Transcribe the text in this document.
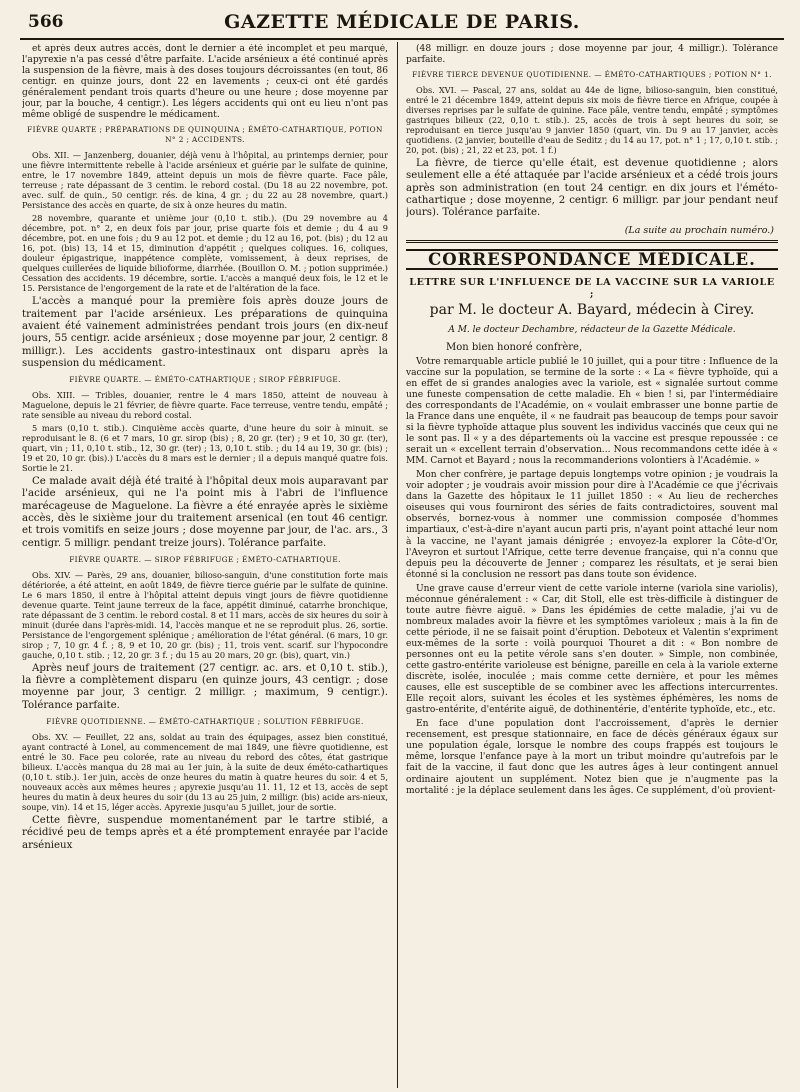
566	GAZETTE MÉDICALE DE PARIS.

et après deux autres accès, dont le dernier a été incomplet et peu marqué, l'apyrexie n'a pas cessé d'être parfaite. L'acide arsénieux a été continué après la suspension de la fièvre, mais à des doses toujours décroissantes (en tout, 86 centigr. en quinze jours, dont 22 en lavements ; ceux-ci ont été gardés généralement pendant trois quarts d'heure ou une heure ; dose moyenne par jour, par la bouche, 4 centigr.). Les légers accidents qui ont eu lieu n'ont pas même obligé de suspendre le médicament.

FIÈVRE QUARTE ; PRÉPARATIONS DE QUINQUINA ; ÉMÉTO-CATHARTIQUE, POTION N° 2 ; ACCIDENTS.

Obs. XII. — Janzenberg, douanier, déjà venu à l'hôpital, au printemps dernier, pour une fièvre intermittente rebelle à l'acide arsénieux et guérie par le sulfate de quinine, entre, le 17 novembre 1849, atteint depuis un mois de fièvre quarte. Face pâle, terreuse ; rate dépassant de 3 centim. le rebord costal. (Du 18 au 22 novembre, pot. avec. sulf. de quin., 50 centigr. rés. de kina, 4 gr. ; du 22 au 28 novembre, quart.) Persistance des accès en quarte, de six à onze heures du matin.

28 novembre, quarante et unième jour (0,10 t. stib.). (Du 29 novembre au 4 décembre, pot. n° 2, en deux fois par jour, prise quarte fois et demie ; du 4 au 9 décembre, pot. en une fois ; du 9 au 12 pot. et demie ; du 12 au 16, pot. (bis) ; du 12 au 16, pot. (bis) 13, 14 et 15, diminution d'appétit ; quelques coliques. 16, coliques, douleur épigastrique, inappétence complète, vomissement, à deux reprises, de quelques cuillerées de liquide bilioforme, diarrhée. (Bouillon O. M. ; potion supprimée.) Cessation des accidents. 19 décembre, sortie. L'accès a manqué deux fois, le 12 et le 15. Persistance de l'engorgement de la rate et de l'altération de la face.

L'accès a manqué pour la première fois après douze jours de traitement par l'acide arsénieux. Les préparations de quinquina avaient été vainement administrées pendant trois jours (en dix-neuf jours, 55 centigr. acide arsénieux ; dose moyenne par jour, 2 centigr. 8 milligr.). Les accidents gastro-intestinaux ont disparu après la suspension du médicament.

FIÈVRE QUARTE. — ÉMÉTO-CATHARTIQUE ; SIROP FÉBRIFUGE.

Obs. XIII. — Tribles, douanier, rentre le 4 mars 1850, atteint de nouveau à Maguelone, depuis le 21 février, de fièvre quarte. Face terreuse, ventre tendu, empâté ; rate sensible au niveau du rebord costal.

5 mars (0,10 t. stib.). Cinquième accès quarte, d'une heure du soir à minuit. se reproduisant le 8. (6 et 7 mars, 10 gr. sirop (bis) ; 8, 20 gr. (ter) ; 9 et 10, 30 gr. (ter), quart, vin ; 11, 0,10 t. stib., 12, 30 gr. (ter) ; 13, 0,10 t. stib. ; du 14 au 19, 30 gr. (bis) ; 19 et 20, 10 gr. (bis).) L'accès du 8 mars est le dernier ; il a depuis manqué quatre fois. Sortie le 21.

Ce malade avait déjà été traité à l'hôpital deux mois auparavant par l'acide arsénieux, qui ne l'a point mis à l'abri de l'influence marécageuse de Maguelone. La fièvre a été enrayée après le sixième accès, dès le sixième jour du traitement arsenical (en tout 46 centigr. et trois vomitifs en seize jours ; dose moyenne par jour, de l'ac. ars., 3 centigr. 5 milligr. pendant treize jours). Tolérance parfaite.

FIÈVRE QUARTE. — SIROP FÉBRIFUGE ; ÉMÉTO-CATHARTIQUE.

Obs. XIV. — Parès, 29 ans, douanier, bilioso-sanguin, d'une constitution forte mais détériorée, a été atteint, en août 1849, de fièvre tierce guérie par le sulfate de quinine. Le 6 mars 1850, il entre à l'hôpital atteint depuis vingt jours de fièvre quotidienne devenue quarte. Teint jaune terreux de la face, appétit diminué, catarrhe bronchique, rate dépassant de 3 centim. le rebord costal. 8 et 11 mars, accès de six heures du soir à minuit (durée dans l'après-midi. 14, l'accès manque et ne se reproduit plus. 26, sortie. Persistance de l'engorgement splénique ; amélioration de l'état général. (6 mars, 10 gr. sirop ; 7, 10 gr. 4 f. ; 8, 9 et 10, 20 gr. (bis) ; 11, trois vent. scarif. sur l'hypocondre gauche, 0,10 t. stib. ; 12, 20 gr. 3 f. ; du 15 au 20 mars, 20 gr. (bis), quart, vin.)

Après neuf jours de traitement (27 centigr. ac. ars. et 0,10 t. stib.), la fièvre a complètement disparu (en quinze jours, 43 centigr. ; dose moyenne par jour, 3 centigr. 2 milligr. ; maximum, 9 centigr.). Tolérance parfaite.

FIÈVRE QUOTIDIENNE. — ÉMÉTO-CATHARTIQUE ; SOLUTION FÉBRIFUGE.

Obs. XV. — Feuillet, 22 ans, soldat au train des équipages, assez bien constitué, ayant contracté à Lonel, au commencement de mai 1849, une fièvre quotidienne, est entré le 30. Face peu colorée, rate au niveau du rebord des côtes, état gastrique bilieux. L'accès manqua du 28 mai au 1er juin, à la suite de deux éméto-cathartiques (0,10 t. stib.). 1er juin, accès de onze heures du matin à quatre heures du soir. 4 et 5, nouveaux accès aux mêmes heures ; apyrexie jusqu'au 11. 11, 12 et 13, accès de sept heures du matin à deux heures du soir (du 13 au 25 juin, 2 milligr. (bis) acide ars-nieux, soupe, vin). 14 et 15, léger accès. Apyrexie jusqu'au 5 juillet, jour de sortie.

Cette fièvre, suspendue momentanément par le tartre stibié, a récidivé peu de temps après et a été promptement enrayée par l'acide arsénieux

(48 milligr. en douze jours ; dose moyenne par jour, 4 milligr.). Tolérance parfaite.

FIÈVRE TIERCE DEVENUE QUOTIDIENNE. — ÉMÉTO-CATHARTIQUES ; POTION N° 1.

Obs. XVI. — Pascal, 27 ans, soldat au 44e de ligne, bilioso-sanguin, bien constitué, entré le 21 décembre 1849, atteint depuis six mois de fièvre tierce en Afrique, coupée à diverses reprises par le sulfate de quinine. Face pâle, ventre tendu, empâté ; symptômes gastriques bilieux (22, 0,10 t. stib.). 25, accès de trois à sept heures du soir, se reproduisant en tierce jusqu'au 9 janvier 1850 (quart, vin. Du 9 au 17 janvier, accès quotidiens. (2 janvier, bouteille d'eau de Seditz ; du 14 au 17, pot. n° 1 ; 17, 0,10 t. stib. ; 20, pot. (bis) ; 21, 22 et 23, pot. 1 f.)

La fièvre, de tierce qu'elle était, est devenue quotidienne ; alors seulement elle a été attaquée par l'acide arsénieux et a cédé trois jours après son administration (en tout 24 centigr. en dix jours et l'éméto-cathartique ; dose moyenne, 2 centigr. 6 milligr. par jour pendant neuf jours). Tolérance parfaite.

(La suite au prochain numéro.)
CORRESPONDANCE MÉDICALE.
LETTRE SUR L'INFLUENCE DE LA VACCINE SUR LA VARIOLE ;
par M. le docteur A. Bayard, médecin à Cirey.
A M. le docteur Dechambre, rédacteur de la Gazette Médicale.
Mon bien honoré confrère,

Votre remarquable article publié le 10 juillet, qui a pour titre : Influence de la vaccine sur la population, se termine de la sorte : « La « fièvre typhoïde, qui a en effet de si grandes analogies avec la variole, est « signalée surtout comme une funeste compensation de cette maladie. Eh « bien ! si, par l'intermédiaire des correspondants de l'Académie, on « voulait embrasser une bonne partie de la France dans une enquête, il « ne faudrait pas beaucoup de temps pour savoir si la fièvre typhoïde attaque plus souvent les individus vaccinés que ceux qui ne le sont pas. Il « y a des départements où la vaccine est presque repoussée : ce serait un « excellent terrain d'observation... Nous recommandons cette idée à « MM. Carnot et Bayard ; nous la recommanderions volontiers à l'Académie. »

Mon cher confrère, je partage depuis longtemps votre opinion ; je voudrais la voir adopter ; je voudrais avoir mission pour dire à l'Académie ce que j'écrivais dans la Gazette des hôpitaux le 11 juillet 1850 : « Au lieu de recherches oiseuses qui vous fourniront des séries de faits contradictoires, souvent mal observés, bornez-vous à nommer une commission composée d'hommes impartiaux, c'est-à-dire n'ayant aucun parti pris, n'ayant point attaché leur nom à la vaccine, ne l'ayant jamais dénigrée ; envoyez-la explorer la Côte-d'Or, l'Aveyron et surtout l'Afrique, cette terre devenue française, qui n'a connu que depuis peu la découverte de Jenner ; comparez les résultats, et je serai bien étonné si la conclusion ne ressort pas dans toute son évidence.

Une grave cause d'erreur vient de cette variole interne (variola sine variolis), méconnue généralement : « Car, dit Stoll, elle est très-difficile à distinguer de toute autre fièvre aiguë. » Dans les épidémies de cette maladie, j'ai vu de nombreux malades avoir la fièvre et les symptômes varioleux ; mais à la fin de cette période, il ne se faisait point d'éruption. Deboteux et Valentin s'expriment eux-mêmes de la sorte : voilà pourquoi Thouret a dit : « Bon nombre de personnes ont eu la petite vérole sans s'en douter. » Simple, non combinée, cette gastro-entérite varioleuse est bénigne, pareille en cela à la variole externe discrète, isolée, inoculée ; mais comme cette dernière, et pour les mêmes causes, elle est susceptible de se combiner avec les affections intercurrentes. Elle reçoit alors, suivant les écoles et les systèmes éphémères, les noms de gastro-entérite, d'entérite aiguë, de dothinentérie, d'entérite typhoïde, etc., etc.

En face d'une population dont l'accroissement, d'après le dernier recensement, est presque stationnaire, en face de décès généraux égaux sur une population égale, lorsque le nombre des coups frappés est toujours le même, lorsque l'enfance paye à la mort un tribut moindre qu'autrefois par le fait de la vaccine, il faut donc que les autres âges à leur contingent annuel ordinaire ajoutent un supplément. Notez bien que je n'augmente pas la mortalité : je la déplace seulement dans les âges. Ce supplément, d'où provient-
